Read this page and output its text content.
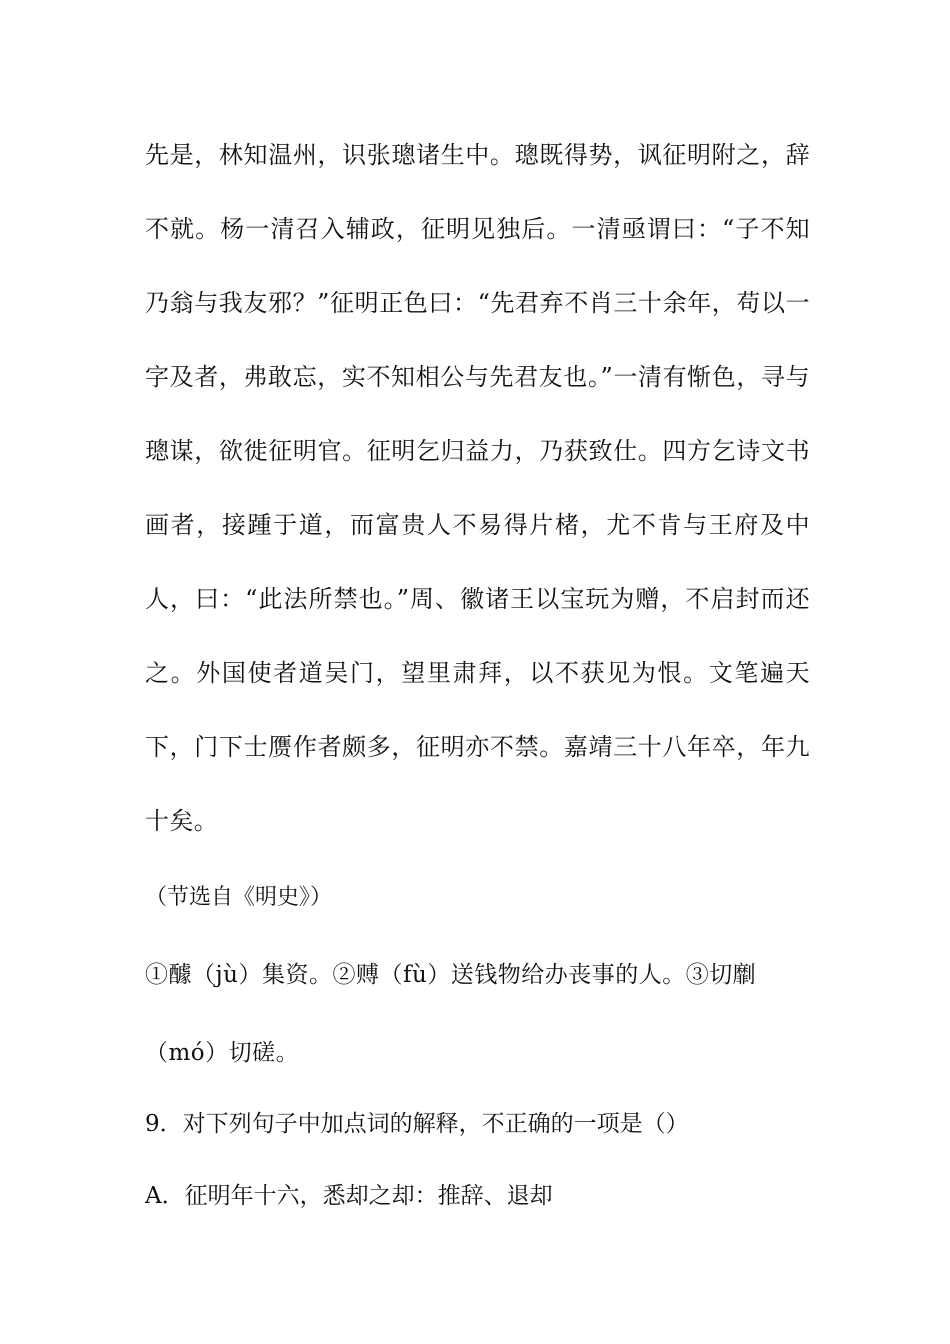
先是，林知温州，识张璁诸生中。璁既得势，讽征明附之，辞不就。杨一清召入辅政，征明见独后。一清亟谓曰：“子不知乃翁与我友邪？”征明正色曰：“先君弃不肖三十余年，苟以一字及者，弗敢忘，实不知相公与先君友也。”一清有惭色，寻与璁谋，欲徙征明官。征明乞归益力，乃获致仕。四方乞诗文书画者，接踵于道，而富贵人不易得片楮，尤不肯与王府及中人，曰：“此法所禁也。”周、徽诸王以宝玩为赠，不启封而还之。外国使者道吴门，望里肃拜，以不获见为恨。文笔遍天下，门下士赝作者颇多，征明亦不禁。嘉靖三十八年卒，年九十矣。

（节选自《明史》）

①醵（jù）集资。②赙（fù）送钱物给办丧事的人。③切劘（mó）切磋。

9．对下列句子中加点词的解释，不正确的一项是（）

A．征明年十六，悉却之却：推辞、退却
